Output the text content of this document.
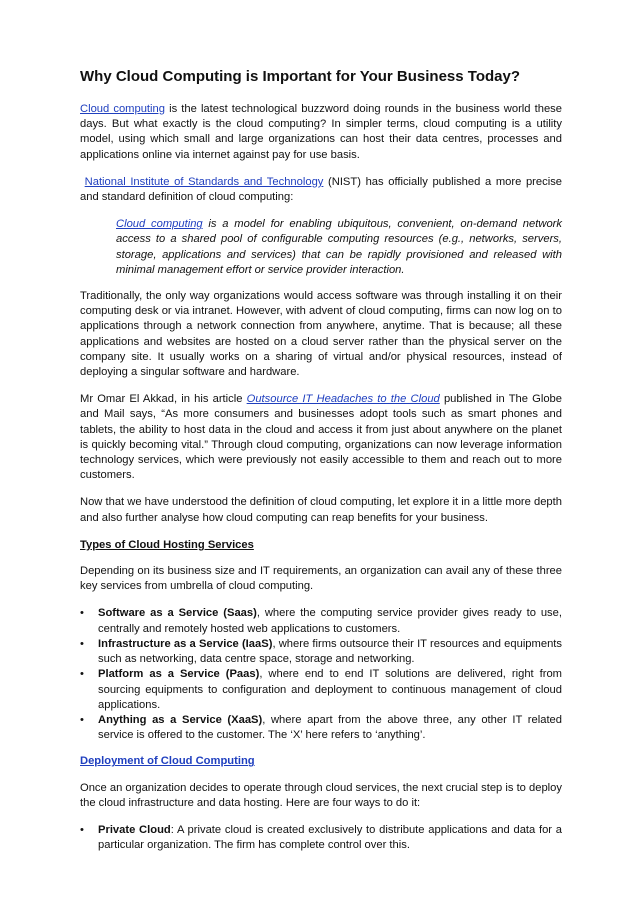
Why Cloud Computing is Important for Your Business Today?

Cloud computing is the latest technological buzzword doing rounds in the business world these days. But what exactly is the cloud computing? In simpler terms, cloud computing is a utility model, using which small and large organizations can host their data centres, processes and applications online via internet against pay for use basis.

National Institute of Standards and Technology (NIST) has officially published a more precise and standard definition of cloud computing:

Cloud computing is a model for enabling ubiquitous, convenient, on-demand network access to a shared pool of configurable computing resources (e.g., networks, servers, storage, applications and services) that can be rapidly provisioned and released with minimal management effort or service provider interaction.

Traditionally, the only way organizations would access software was through installing it on their computing desk or via intranet. However, with advent of cloud computing, firms can now log on to applications through a network connection from anywhere, anytime. That is because; all these applications and websites are hosted on a cloud server rather than the physical server on the company site. It usually works on a sharing of virtual and/or physical resources, instead of deploying a singular software and hardware.

Mr Omar El Akkad, in his article Outsource IT Headaches to the Cloud published in The Globe and Mail says, “As more consumers and businesses adopt tools such as smart phones and tablets, the ability to host data in the cloud and access it from just about anywhere on the planet is quickly becoming vital.” Through cloud computing, organizations can now leverage information technology services, which were previously not easily accessible to them and reach out to more customers.

Now that we have understood the definition of cloud computing, let explore it in a little more depth and also further analyse how cloud computing can reap benefits for your business.

Types of Cloud Hosting Services

Depending on its business size and IT requirements, an organization can avail any of these three key services from umbrella of cloud computing.

•	Software as a Service (Saas), where the computing service provider gives ready to use, centrally and remotely hosted web applications to customers.
•	Infrastructure as a Service (IaaS), where firms outsource their IT resources and equipments such as networking, data centre space, storage and networking.
•	Platform as a Service (Paas), where end to end IT solutions are delivered, right from sourcing equipments to configuration and deployment to continuous management of cloud applications.
•	Anything as a Service (XaaS), where apart from the above three, any other IT related service is offered to the customer. The ‘X’ here refers to ‘anything’.
Deployment of Cloud Computing

Once an organization decides to operate through cloud services, the next crucial step is to deploy the cloud infrastructure and data hosting. Here are four ways to do it:

•	Private Cloud: A private cloud is created exclusively to distribute applications and data for a particular organization. The firm has complete control over this.
